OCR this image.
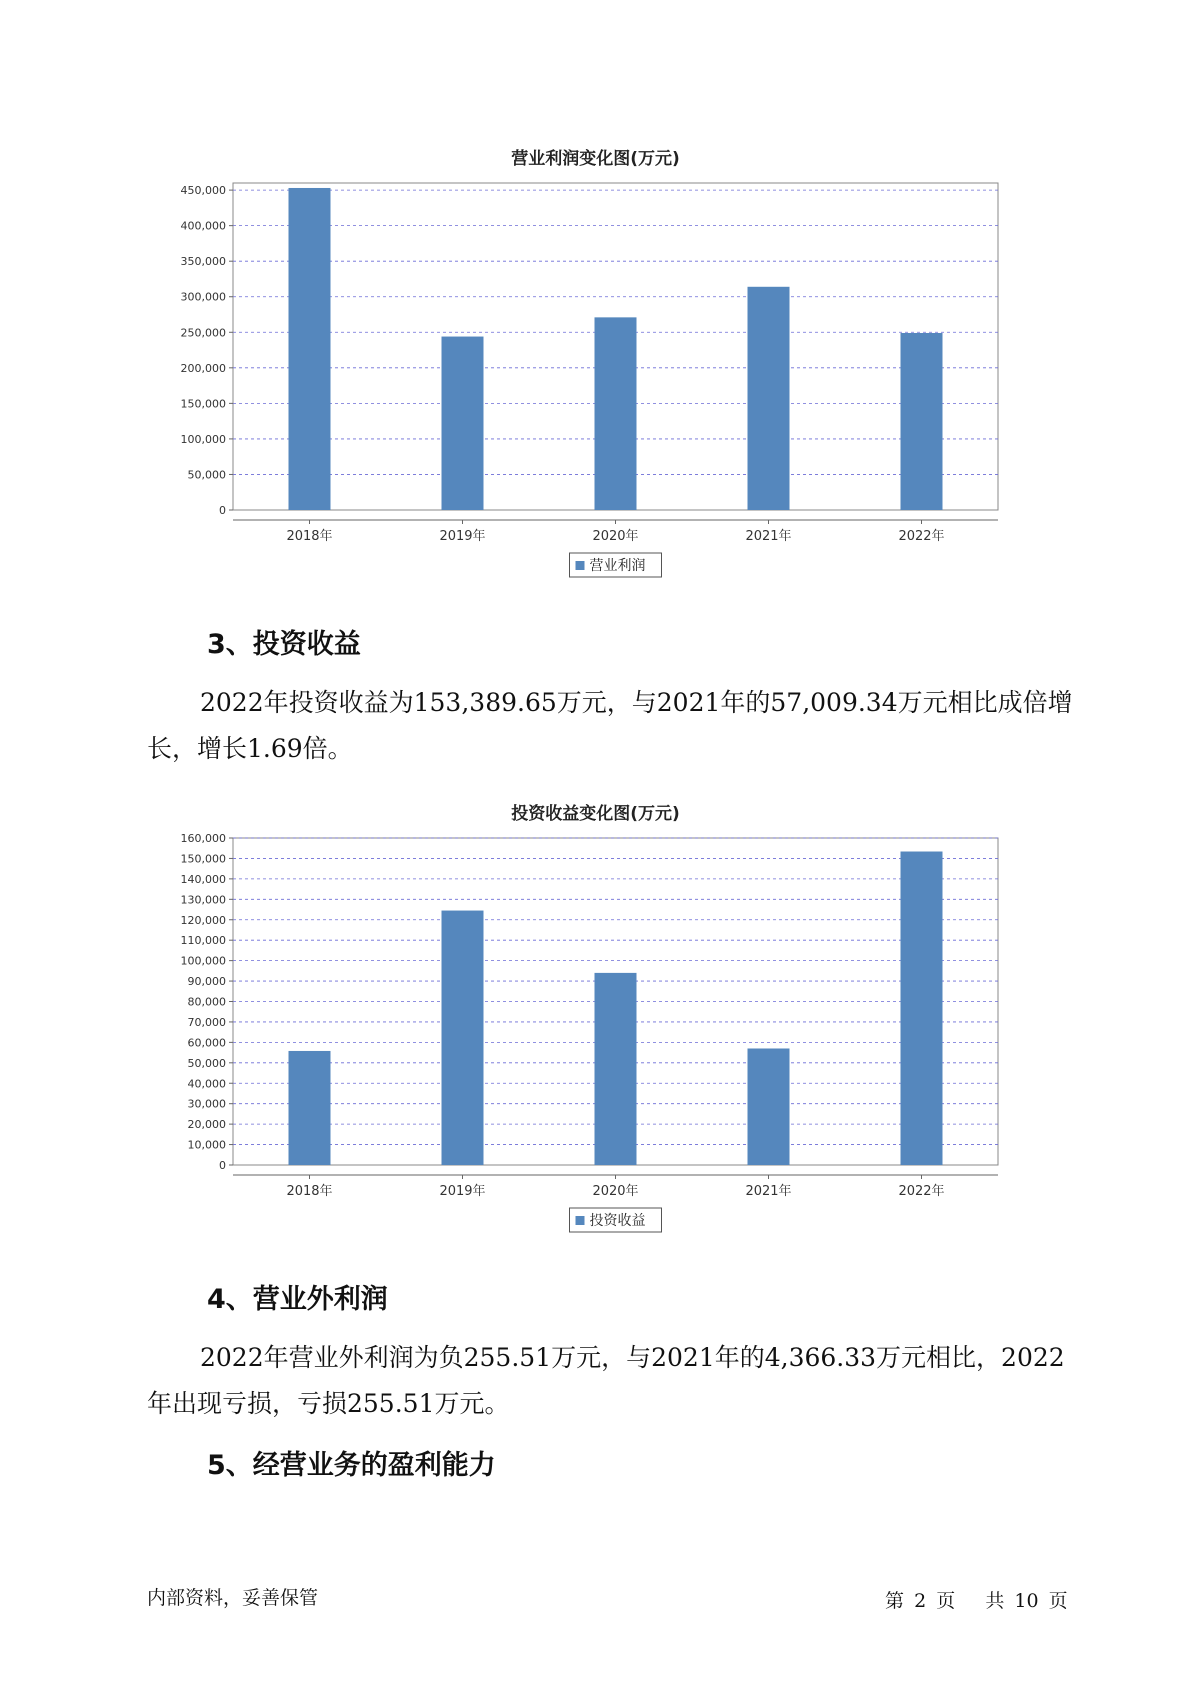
营业利润变化图(万元)
0
50,000
100,000
150,000
200,000
250,000
300,000
350,000
400,000
450,000
2018年	2019年	2020年	2021年	2022年
营业利润
3、投资收益

2022年投资收益为153,389.65万元，与2021年的57,009.34万元相比成倍增长，增长1.69倍。

投资收益变化图(万元)
0
10,000
20,000
30,000
40,000
50,000
60,000
70,000
80,000
90,000
100,000
110,000
120,000
130,000
140,000
150,000
160,000
2018年	2019年	2020年	2021年	2022年
投资收益
4、营业外利润

2022年营业外利润为负255.51万元，与2021年的4,366.33万元相比，2022年出现亏损，亏损255.51万元。

5、经营业务的盈利能力
内部资料，妥善保管	第 2 页 共 10 页
